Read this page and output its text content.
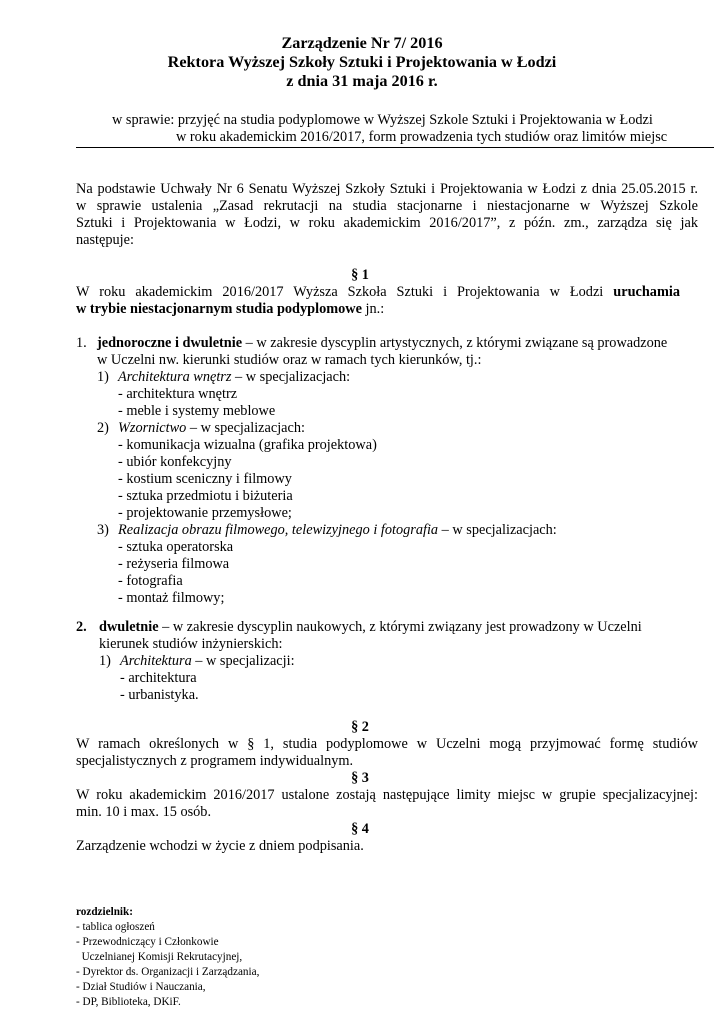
Zarządzenie Nr 7/ 2016
Rektora Wyższej Szkoły Sztuki i Projektowania w Łodzi
z dnia 31 maja 2016 r.
w sprawie: przyjęć na studia podyplomowe w Wyższej Szkole Sztuki i Projektowania w Łodzi
w roku akademickim 2016/2017, form prowadzenia tych studiów oraz limitów miejsc
Na podstawie Uchwały Nr 6 Senatu Wyższej Szkoły Sztuki i Projektowania w Łodzi z dnia 25.05.2015 r.
w sprawie ustalenia „Zasad rekrutacji na studia stacjonarne i niestacjonarne w Wyższej Szkole
Sztuki i Projektowania w Łodzi, w roku akademickim 2016/2017”, z późn. zm., zarządza się jak
następuje:
§ 1
W roku akademickim 2016/2017 Wyższa Szkoła Sztuki i Projektowania w Łodzi uruchamia
w trybie niestacjonarnym studia podyplomowe jn.:
1. jednoroczne i dwuletnie – w zakresie dyscyplin artystycznych, z którymi związane są prowadzone
w Uczelni nw. kierunki studiów oraz w ramach tych kierunków, tj.:
1) Architektura wnętrz – w specjalizacjach:
- architektura wnętrz
- meble i systemy meblowe
2) Wzornictwo – w specjalizacjach:
- komunikacja wizualna (grafika projektowa)
- ubiór konfekcyjny
- kostium sceniczny i filmowy
- sztuka przedmiotu i biżuteria
- projektowanie przemysłowe;
3) Realizacja obrazu filmowego, telewizyjnego i fotografia – w specjalizacjach:
- sztuka operatorska
- reżyseria filmowa
- fotografia
- montaż filmowy;
2. dwuletnie – w zakresie dyscyplin naukowych, z którymi związany jest prowadzony w Uczelni
kierunek studiów inżynierskich:
1) Architektura – w specjalizacji:
- architektura
- urbanistyka.
§ 2
W ramach określonych w § 1, studia podyplomowe w Uczelni mogą przyjmować formę studiów
specjalistycznych z programem indywidualnym.
§ 3
W roku akademickim 2016/2017 ustalone zostają następujące limity miejsc w grupie specjalizacyjnej:
min. 10 i max. 15 osób.
§ 4
Zarządzenie wchodzi w życie z dniem podpisania.
rozdzielnik:
- tablica ogłoszeń
- Przewodniczący i Członkowie
Uczelnianej Komisji Rekrutacyjnej,
- Dyrektor ds. Organizacji i Zarządzania,
- Dział Studiów i Nauczania,
- DP, Biblioteka, DKiF.
